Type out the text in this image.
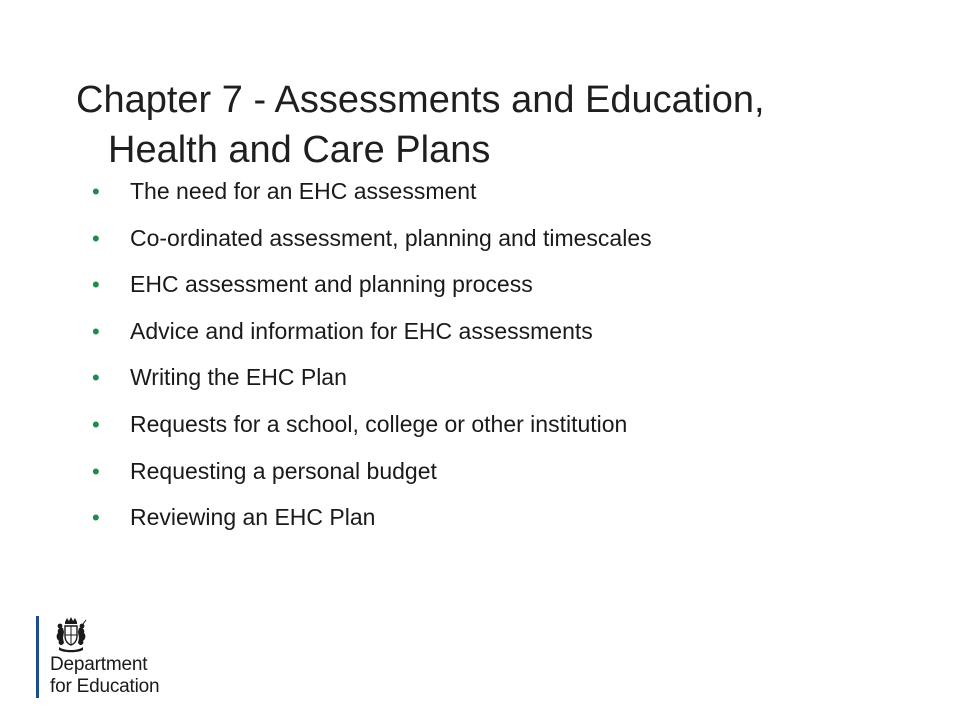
Chapter 7 - Assessments and Education,
Health and Care Plans
• The need for an EHC assessment
• Co-ordinated assessment, planning and timescales
• EHC assessment and planning process
• Advice and information for EHC assessments
• Writing the EHC Plan
• Requests for a school, college or other institution
• Requesting a personal budget
• Reviewing an EHC Plan
Department
for Education
